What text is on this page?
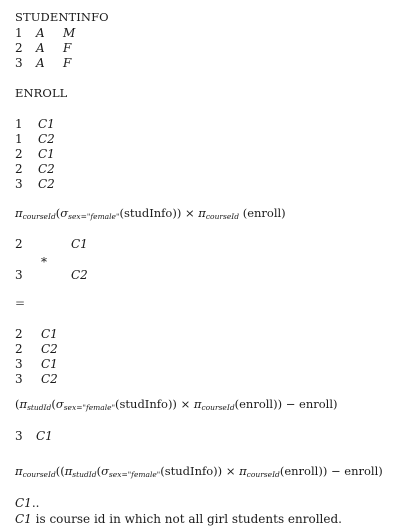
STUDENTINFO
1 A M
2 A F
3 A F
ENROLL
1 C1
1 C2
2 C1
2 C2
3 C2
$\pi_{courseId}(\sigma_{sex="female"}(studInfo)) \times \pi_{courseId}$ (enroll)
2	C1
*
3	C2
=
2 C1
2 C2
3 C1
3 C2
($\pi_{studId}(\sigma_{sex="female"}(studInfo))$ × $\pi_{courseId}(enroll)$) − enroll)
3 C1
$\pi_{courseId}((\pi_{studId}(\sigma_{sex="female"}(studInfo))$ × $\pi_{courseId}(enroll)$) − enroll)
C1..
C1 is course id in which not all girl students enrolled.
